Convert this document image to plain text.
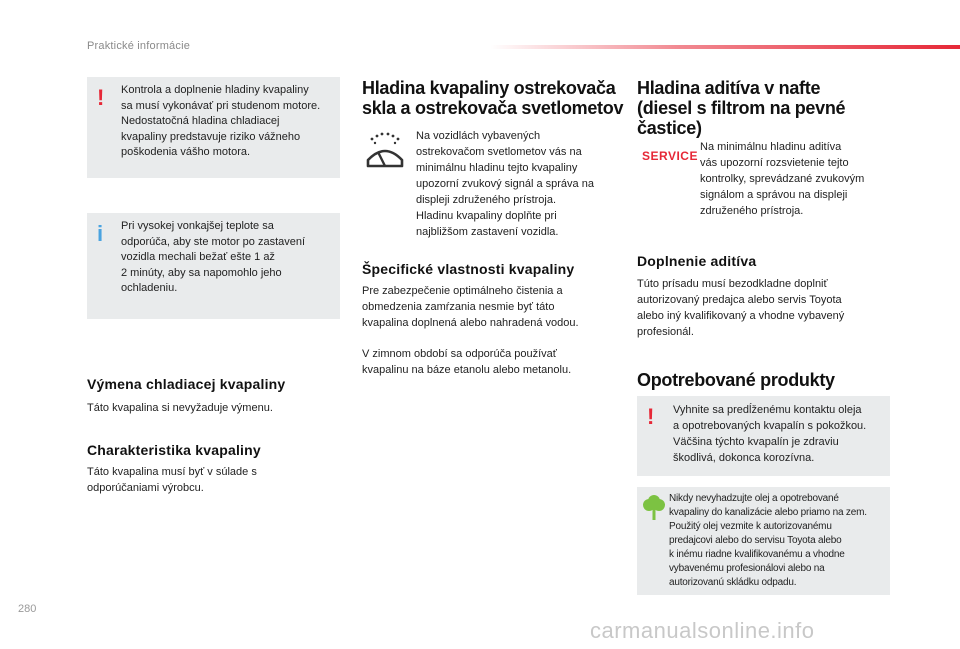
Praktické informácie
! Kontrola a doplnenie hladiny kvapaliny
sa musí vykonávať pri studenom motore.
Nedostatočná hladina chladiacej
kvapaliny predstavuje riziko vážneho
poškodenia vášho motora.
i Pri vysokej vonkajšej teplote sa
odporúča, aby ste motor po zastavení
vozidla mechali bežať ešte 1 až
2 minúty, aby sa napomohlo jeho
ochladeniu.
Výmena chladiacej kvapaliny
Táto kvapalina si nevyžaduje výmenu.
Charakteristika kvapaliny
Táto kvapalina musí byť v súlade s
odporúčaniami výrobcu.
Hladina kvapaliny ostrekovača
skla a ostrekovača svetlometov
Na vozidlách vybavených
ostrekovačom svetlometov vás na
minimálnu hladinu tejto kvapaliny
upozorní zvukový signál a správa na
displeji združeného prístroja.
Hladinu kvapaliny doplňte pri
najbližšom zastavení vozidla.
Špecifické vlastnosti kvapaliny
Pre zabezpečenie optimálneho čistenia a
obmedzenia zamŕzania nesmie byť táto
kvapalina doplnená alebo nahradená vodou.
V zimnom období sa odporúča používať
kvapalinu na báze etanolu alebo metanolu.
Hladina aditíva v nafte
(diesel s filtrom na pevné
častice)
SERVICE
Na minimálnu hladinu aditíva
vás upozorní rozsvietenie tejto
kontrolky, sprevádzané zvukovým
signálom a správou na displeji
združeného prístroja.
Doplnenie aditíva
Túto prísadu musí bezodkladne doplniť
autorizovaný predajca alebo servis Toyota
alebo iný kvalifikovaný a vhodne vybavený
profesionál.
Opotrebované produkty
! Vyhnite sa predĺženému kontaktu oleja
a opotrebovaných kvapalín s pokožkou.
Väčšina týchto kvapalín je zdraviu
škodlivá, dokonca korozívna.
Nikdy nevyhadzujte olej a opotrebované
kvapaliny do kanalizácie alebo priamo na zem.
Použitý olej vezmite k autorizovanému
predajcovi alebo do servisu Toyota alebo
k inému riadne kvalifikovanému a vhodne
vybavenému profesionálovi alebo na
autorizovanú skládku odpadu.
280
carmanualsonline.info
